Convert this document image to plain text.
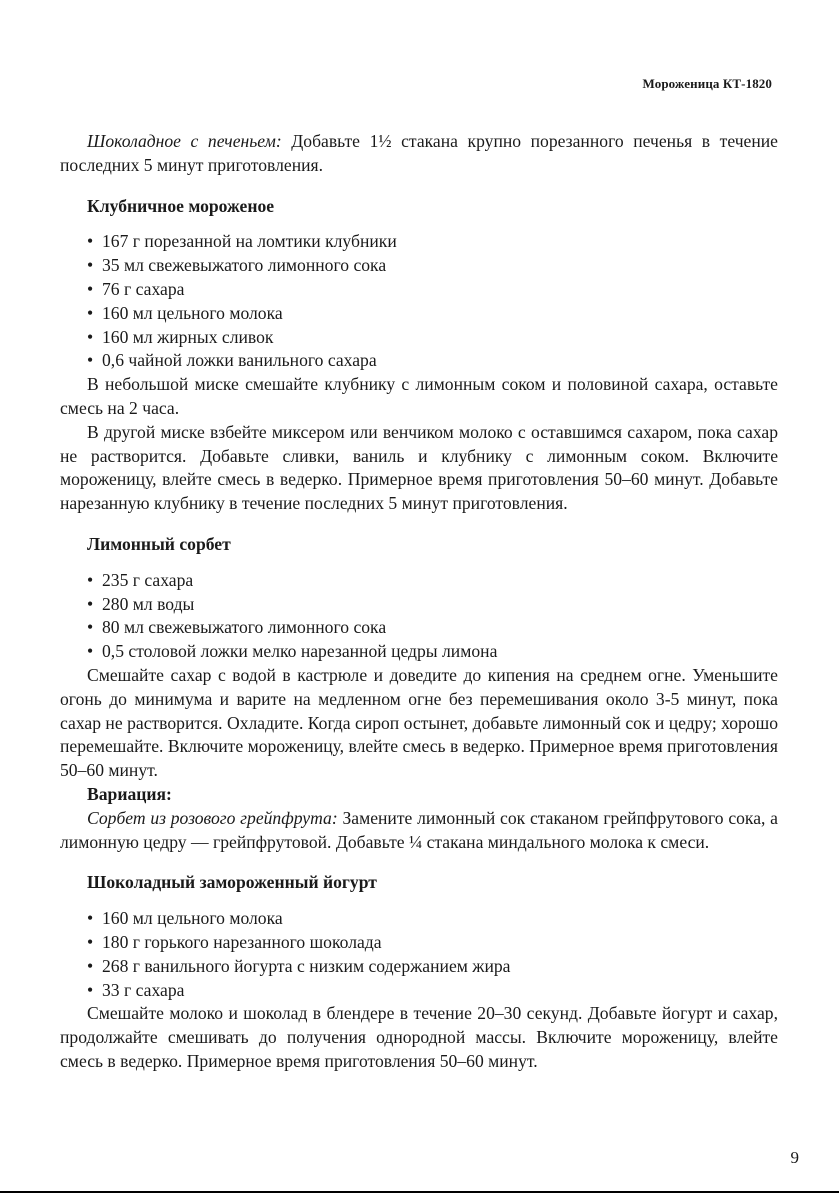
Мороженица КТ-1820

Шоколадное с печеньем: Добавьте 1½ стакана крупно порезанного печенья в течение последних 5 минут приготовления.

Клубничное мороженое
• 167 г порезанной на ломтики клубники
• 35 мл свежевыжатого лимонного сока
• 76 г сахара
• 160 мл цельного молока
• 160 мл жирных сливок
• 0,6 чайной ложки ванильного сахара

В небольшой миске смешайте клубнику с лимонным соком и половиной сахара, оставьте смесь на 2 часа.

В другой миске взбейте миксером или венчиком молоко с оставшимся сахаром, пока сахар не растворится. Добавьте сливки, ваниль и клубнику с лимонным соком. Включите мороженицу, влейте смесь в ведерко. Примерное время приготовления 50–60 минут. Добавьте нарезанную клубнику в течение последних 5 минут приготовления.

Лимонный сорбет
• 235 г сахара
• 280 мл воды
• 80 мл свежевыжатого лимонного сока
• 0,5 столовой ложки мелко нарезанной цедры лимона

Смешайте сахар с водой в кастрюле и доведите до кипения на среднем огне. Уменьшите огонь до минимума и варите на медленном огне без перемешивания около 3-5 минут, пока сахар не растворится. Охладите. Когда сироп остынет, добавьте лимонный сок и цедру; хорошо перемешайте. Включите мороженицу, влейте смесь в ведерко. Примерное время приготовления 50–60 минут.

Вариация:

Сорбет из розового грейпфрута: Замените лимонный сок стаканом грейпфрутового сока, а лимонную цедру — грейпфрутовой. Добавьте ¼ стакана миндального молока к смеси.

Шоколадный замороженный йогурт
• 160 мл цельного молока
• 180 г горького нарезанного шоколада
• 268 г ванильного йогурта с низким содержанием жира
• 33 г сахара

Смешайте молоко и шоколад в блендере в течение 20–30 секунд. Добавьте йогурт и сахар, продолжайте смешивать до получения однородной массы. Включите мороженицу, влейте смесь в ведерко. Примерное время приготовления 50–60 минут.

9
